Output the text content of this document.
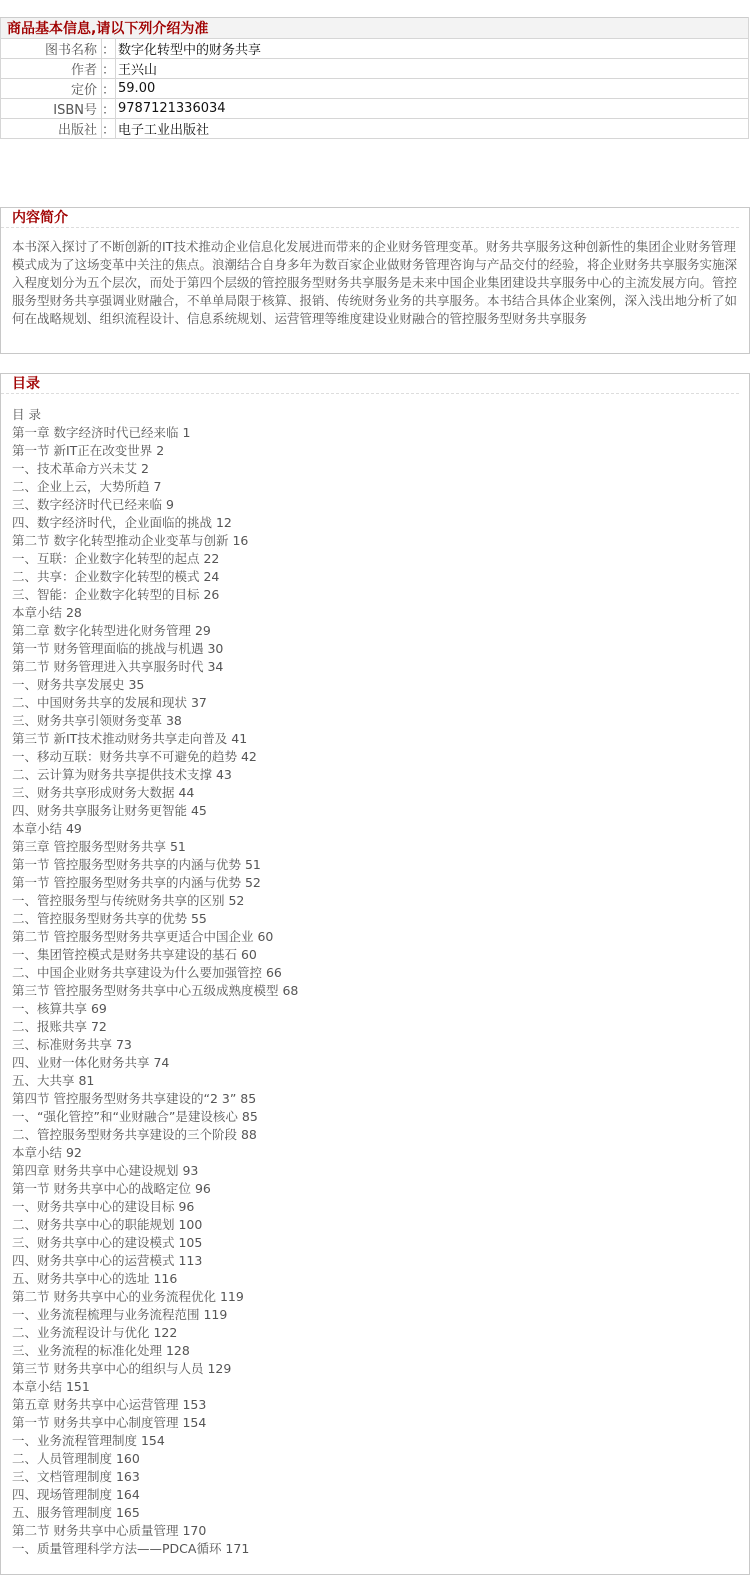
商品基本信息,请以下列介绍为准		
图书名称	：	数字化转型中的财务共享
作者	：	王兴山
定价	：	59.00
ISBN号	：	9787121336034
出版社	：	电子工业出版社
内容简介
本书深入探讨了不断创新的IT技术推动企业信息化发展进而带来的企业财务管理变革。财务共享服务这种创新性的集团企业财务管理模式成为了这场变革中关注的焦点。浪潮结合自身多年为数百家企业做财务管理咨询与产品交付的经验，将企业财务共享服务实施深入程度划分为五个层次，而处于第四个层级的管控服务型财务共享服务是未来中国企业集团建设共享服务中心的主流发展方向。管控服务型财务共享强调业财融合，不单单局限于核算、报销、传统财务业务的共享服务。本书结合具体企业案例，深入浅出地分析了如何在战略规划、组织流程设计、信息系统规划、运营管理等维度建设业财融合的管控服务型财务共享服务
目录
目 录
第一章 数字经济时代已经来临 1
第一节 新IT正在改变世界 2
一、技术革命方兴未艾 2
二、企业上云，大势所趋 7
三、数字经济时代已经来临 9
四、数字经济时代，企业面临的挑战 12
第二节 数字化转型推动企业变革与创新 16
一、互联：企业数字化转型的起点 22
二、共享：企业数字化转型的模式 24
三、智能：企业数字化转型的目标 26
本章小结 28
第二章 数字化转型进化财务管理 29
第一节 财务管理面临的挑战与机遇 30
第二节 财务管理进入共享服务时代 34
一、财务共享发展史 35
二、中国财务共享的发展和现状 37
三、财务共享引领财务变革 38
第三节 新IT技术推动财务共享走向普及 41
一、移动互联：财务共享不可避免的趋势 42
二、云计算为财务共享提供技术支撑 43
三、财务共享形成财务大数据 44
四、财务共享服务让财务更智能 45
本章小结 49
第三章 管控服务型财务共享 51
第一节 管控服务型财务共享的内涵与优势 51
第一节 管控服务型财务共享的内涵与优势 52
一、管控服务型与传统财务共享的区别 52
二、管控服务型财务共享的优势 55
第二节 管控服务型财务共享更适合中国企业 60
一、集团管控模式是财务共享建设的基石 60
二、中国企业财务共享建设为什么要加强管控 66
第三节 管控服务型财务共享中心五级成熟度模型 68
一、核算共享 69
二、报账共享 72
三、标准财务共享 73
四、业财一体化财务共享 74
五、大共享 81
第四节 管控服务型财务共享建设的“2 3” 85
一、“强化管控”和“业财融合”是建设核心 85
二、管控服务型财务共享建设的三个阶段 88
本章小结 92
第四章 财务共享中心建设规划 93
第一节 财务共享中心的战略定位 96
一、财务共享中心的建设目标 96
二、财务共享中心的职能规划 100
三、财务共享中心的建设模式 105
四、财务共享中心的运营模式 113
五、财务共享中心的选址 116
第二节 财务共享中心的业务流程优化 119
一、业务流程梳理与业务流程范围 119
二、业务流程设计与优化 122
三、业务流程的标准化处理 128
第三节 财务共享中心的组织与人员 129
本章小结 151
第五章 财务共享中心运营管理 153
第一节 财务共享中心制度管理 154
一、业务流程管理制度 154
二、人员管理制度 160
三、文档管理制度 163
四、现场管理制度 164
五、服务管理制度 165
第二节 财务共享中心质量管理 170
一、质量管理科学方法——PDCA循环 171
